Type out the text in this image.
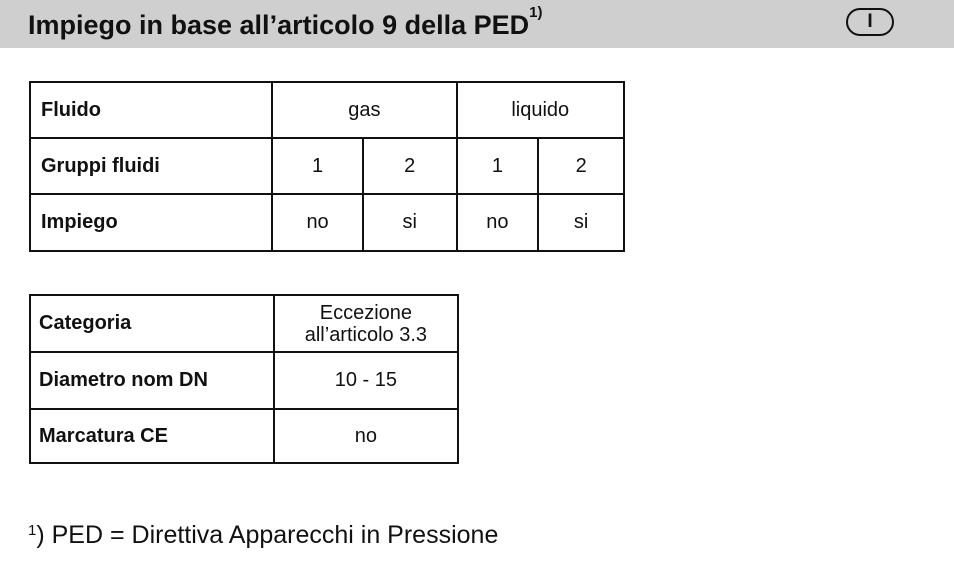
Impiego in base all’articolo 9 della PED$^{1)}$	I
Fluido	gas		liquido	
Gruppi fluidi	1	2	1	2
Impiego	no	si	no	si
Categoria	Eccezione
all’articolo 3.3

Diametro nom DN	10 - 15
Marcatura CE	no
$^1$) PED = Direttiva Apparecchi in Pressione
